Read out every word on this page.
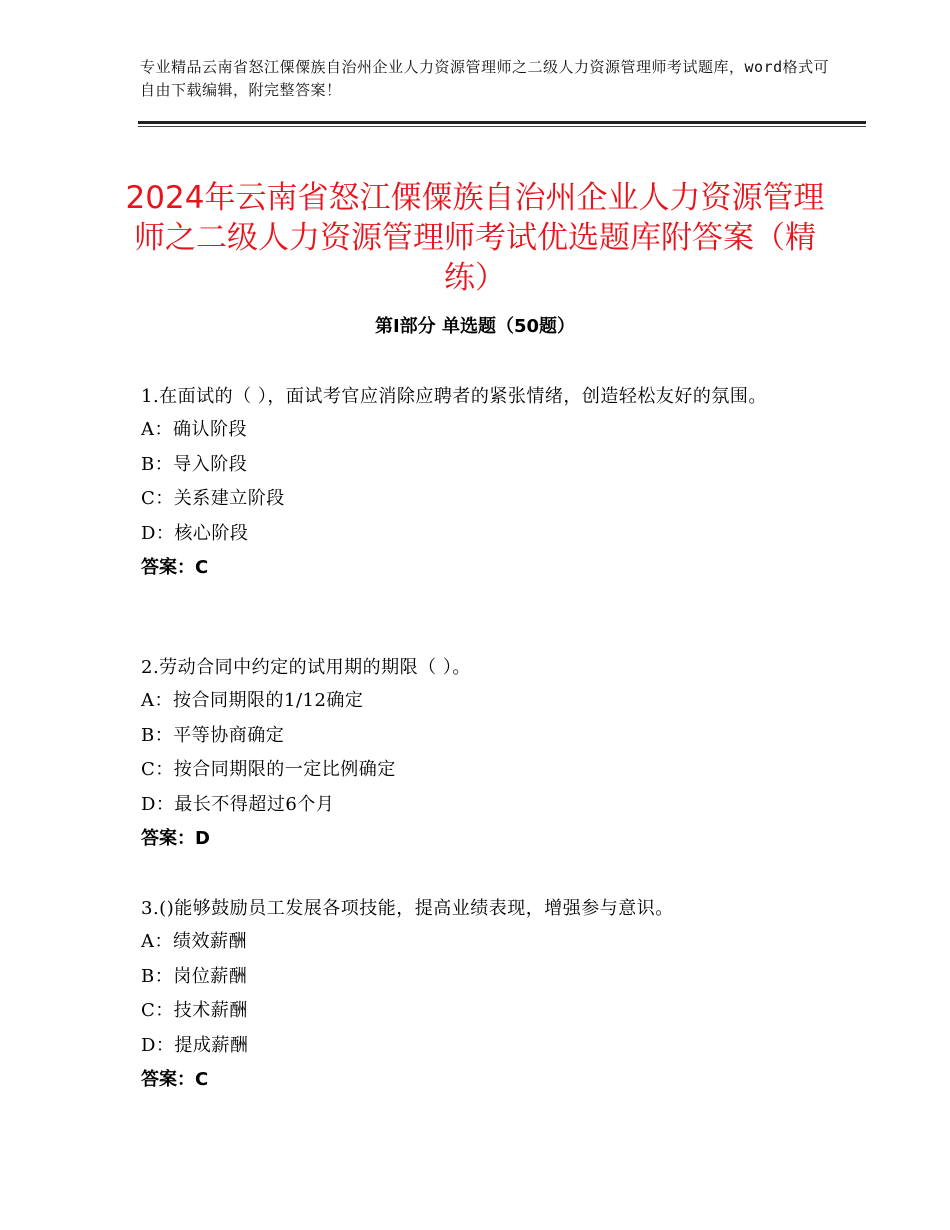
专业精品云南省怒江傈僳族自治州企业人力资源管理师之二级人力资源管理师考试题库，word格式可自由下载编辑，附完整答案！
2024年云南省怒江傈僳族自治州企业人力资源管理师之二级人力资源管理师考试优选题库附答案（精练）
第Ⅰ部分 单选题（50题）

1.在面试的（ ），面试考官应消除应聘者的紧张情绪，创造轻松友好的氛围。

A：确认阶段

B：导入阶段

C：关系建立阶段

D：核心阶段

答案：C

2.劳动合同中约定的试用期的期限（ ）。

A：按合同期限的1/12确定

B：平等协商确定

C：按合同期限的一定比例确定

D：最长不得超过6个月

答案：D

3.()能够鼓励员工发展各项技能，提高业绩表现，增强参与意识。

A：绩效薪酬

B：岗位薪酬

C：技术薪酬

D：提成薪酬

答案：C
